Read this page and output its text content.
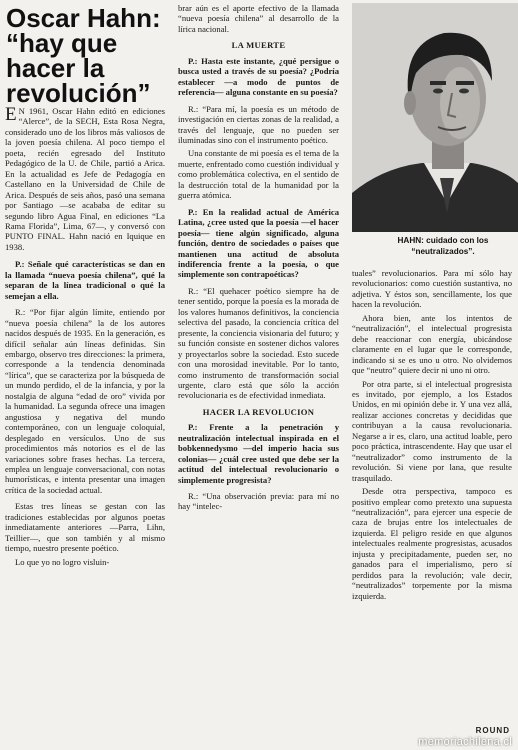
Oscar Hahn:
“hay que
hacer la
revolución”

E N 1961, Oscar Hahn editó en ediciones “Alerce”, de la SECH, Esta Rosa Negra, considerado uno de los libros más valiosos de la joven poesía chilena. Al poco tiempo el poeta, recién egresado del Instituto Pedagógico de la U. de Chile, partió a Arica. En la actualidad es Jefe de Pedagogía en Castellano en la Universidad de Chile de Arica. Después de seis años, pasó una semana por Santiago —se acababa de editar su segundo libro Agua Final, en ediciones “La Rama Florida”, Lima, 67—, y conversó con PUNTO FINAL. Hahn nació en Iquique en 1938.

P.: Señale qué características se dan en la llamada “nueva poesía chilena”, qué la separan de la línea tradicional o qué la semejan a ella.

R.: “Por fijar algún límite, entiendo por “nueva poesía chilena” la de los autores nacidos después de 1935. En la generación, es difícil señalar aún líneas definidas. Sin embargo, observo tres direcciones: la primera, corresponde a la tendencia denominada “lírica”, que se caracteriza por la búsqueda de un mundo perdido, el de la infancia, y por la nostalgia de alguna “edad de oro” vivida por la humanidad. La segunda ofrece una imagen angustiosa y negativa del mundo contemporáneo, con un lenguaje coloquial, desplegado en versículos. Uno de sus procedimientos más notorios es el de las variaciones sobre frases hechas. La tercera, emplea un lenguaje conversacional, con notas humorísticas, e intenta presentar una imagen crítica de la sociedad actual.

Estas tres líneas se gestan con las tradiciones establecidas por algunos poetas inmediatamente anteriores —Parra, Lihn, Teillier—, que son también y al mismo tiempo, nuestro presente poético.

Lo que yo no logro visluin-

brar aún es el aporte efectivo de la llamada “nueva poesía chilena” al desarrollo de la lírica nacional.

LA MUERTE

P.: Hasta este instante, ¿qué persigue o busca usted a través de su poesía? ¿Podría establecer —a modo de puntos de referencia— alguna constante en su poesía?

R.: “Para mí, la poesía es un método de investigación en ciertas zonas de la realidad, a través del lenguaje, que no pueden ser iluminadas sino con el instrumento poético.

Una constante de mi poesía es el tema de la muerte, enfrentado como cuestión individual y como problemática colectiva, en el sentido de la destrucción total de la humanidad por la guerra atómica.

P.: En la realidad actual de América Latina, ¿cree usted que la poesía —el hacer poesía— tiene algún significado, alguna función, dentro de sociedades o países que mantienen una actitud de absoluta indiferencia frente a la poesía, o que simplemente son contrapoéticas?

R.: “El quehacer poético siempre ha de tener sentido, porque la poesía es la morada de los valores humanos definitivos, la conciencia selectiva del pasado, la conciencia crítica del presente, la conciencia visionaria del futuro; y su función consiste en sostener dichos valores y proyectarlos sobre la sociedad. Esto sucede con una morosidad inevitable. Por lo tanto, como instrumento de transformación social urgente, claro está que sólo la acción revolucionaria es de efectividad inmediata.

HACER LA REVOLUCION

P.: Frente a la penetración y neutralización intelectual inspirada en el bobkennedysmo —del imperio hacia sus colonias— ¿cuál cree usted que debe ser la actitud del intelectual revolucionario o simplemente progresista?

R.: “Una observación previa: para mí no hay “intelec-

HAHN: cuidado con los “neutralizados”.

tuales” revolucionarios. Para mí sólo hay revolucionarios: como cuestión sustantiva, no adjetiva. Y éstos son, sencillamente, los que hacen la revolución.

Ahora bien, ante los intentos de “neutralización”, el intelectual progresista debe reaccionar con energía, ubicándose claramente en el lugar que le corresponde, indicando si se es uno u otro. No olvidemos que “neutro” quiere decir ni uno ni otro.

Por otra parte, si el intelectual progresista es invitado, por ejemplo, a los Estados Unidos, en mi opinión debe ir. Y una vez allá, realizar acciones concretas y decididas que contribuyan a la causa revolucionaria. Negarse a ir es, claro, una actitud loable, pero poco práctica, intrascendente. Hay que usar el “neutralizador” como instrumento de la revolución. Si viene por lana, que resulte trasquilado.

Desde otra perspectiva, tampoco es positivo emplear como pretexto una supuesta “neutralización”, para ejercer una especie de caza de brujas entre los intelectuales de izquierda. El peligro reside en que algunos intelectuales realmente progresistas, acusados injusta y precipitadamente, pueden ser, no ganados para el imperialismo, pero sí perdidos para la revolución; vale decir, “neutralizados” torpemente por la misma izquierda.

ROUND
memoriachilena.cl
